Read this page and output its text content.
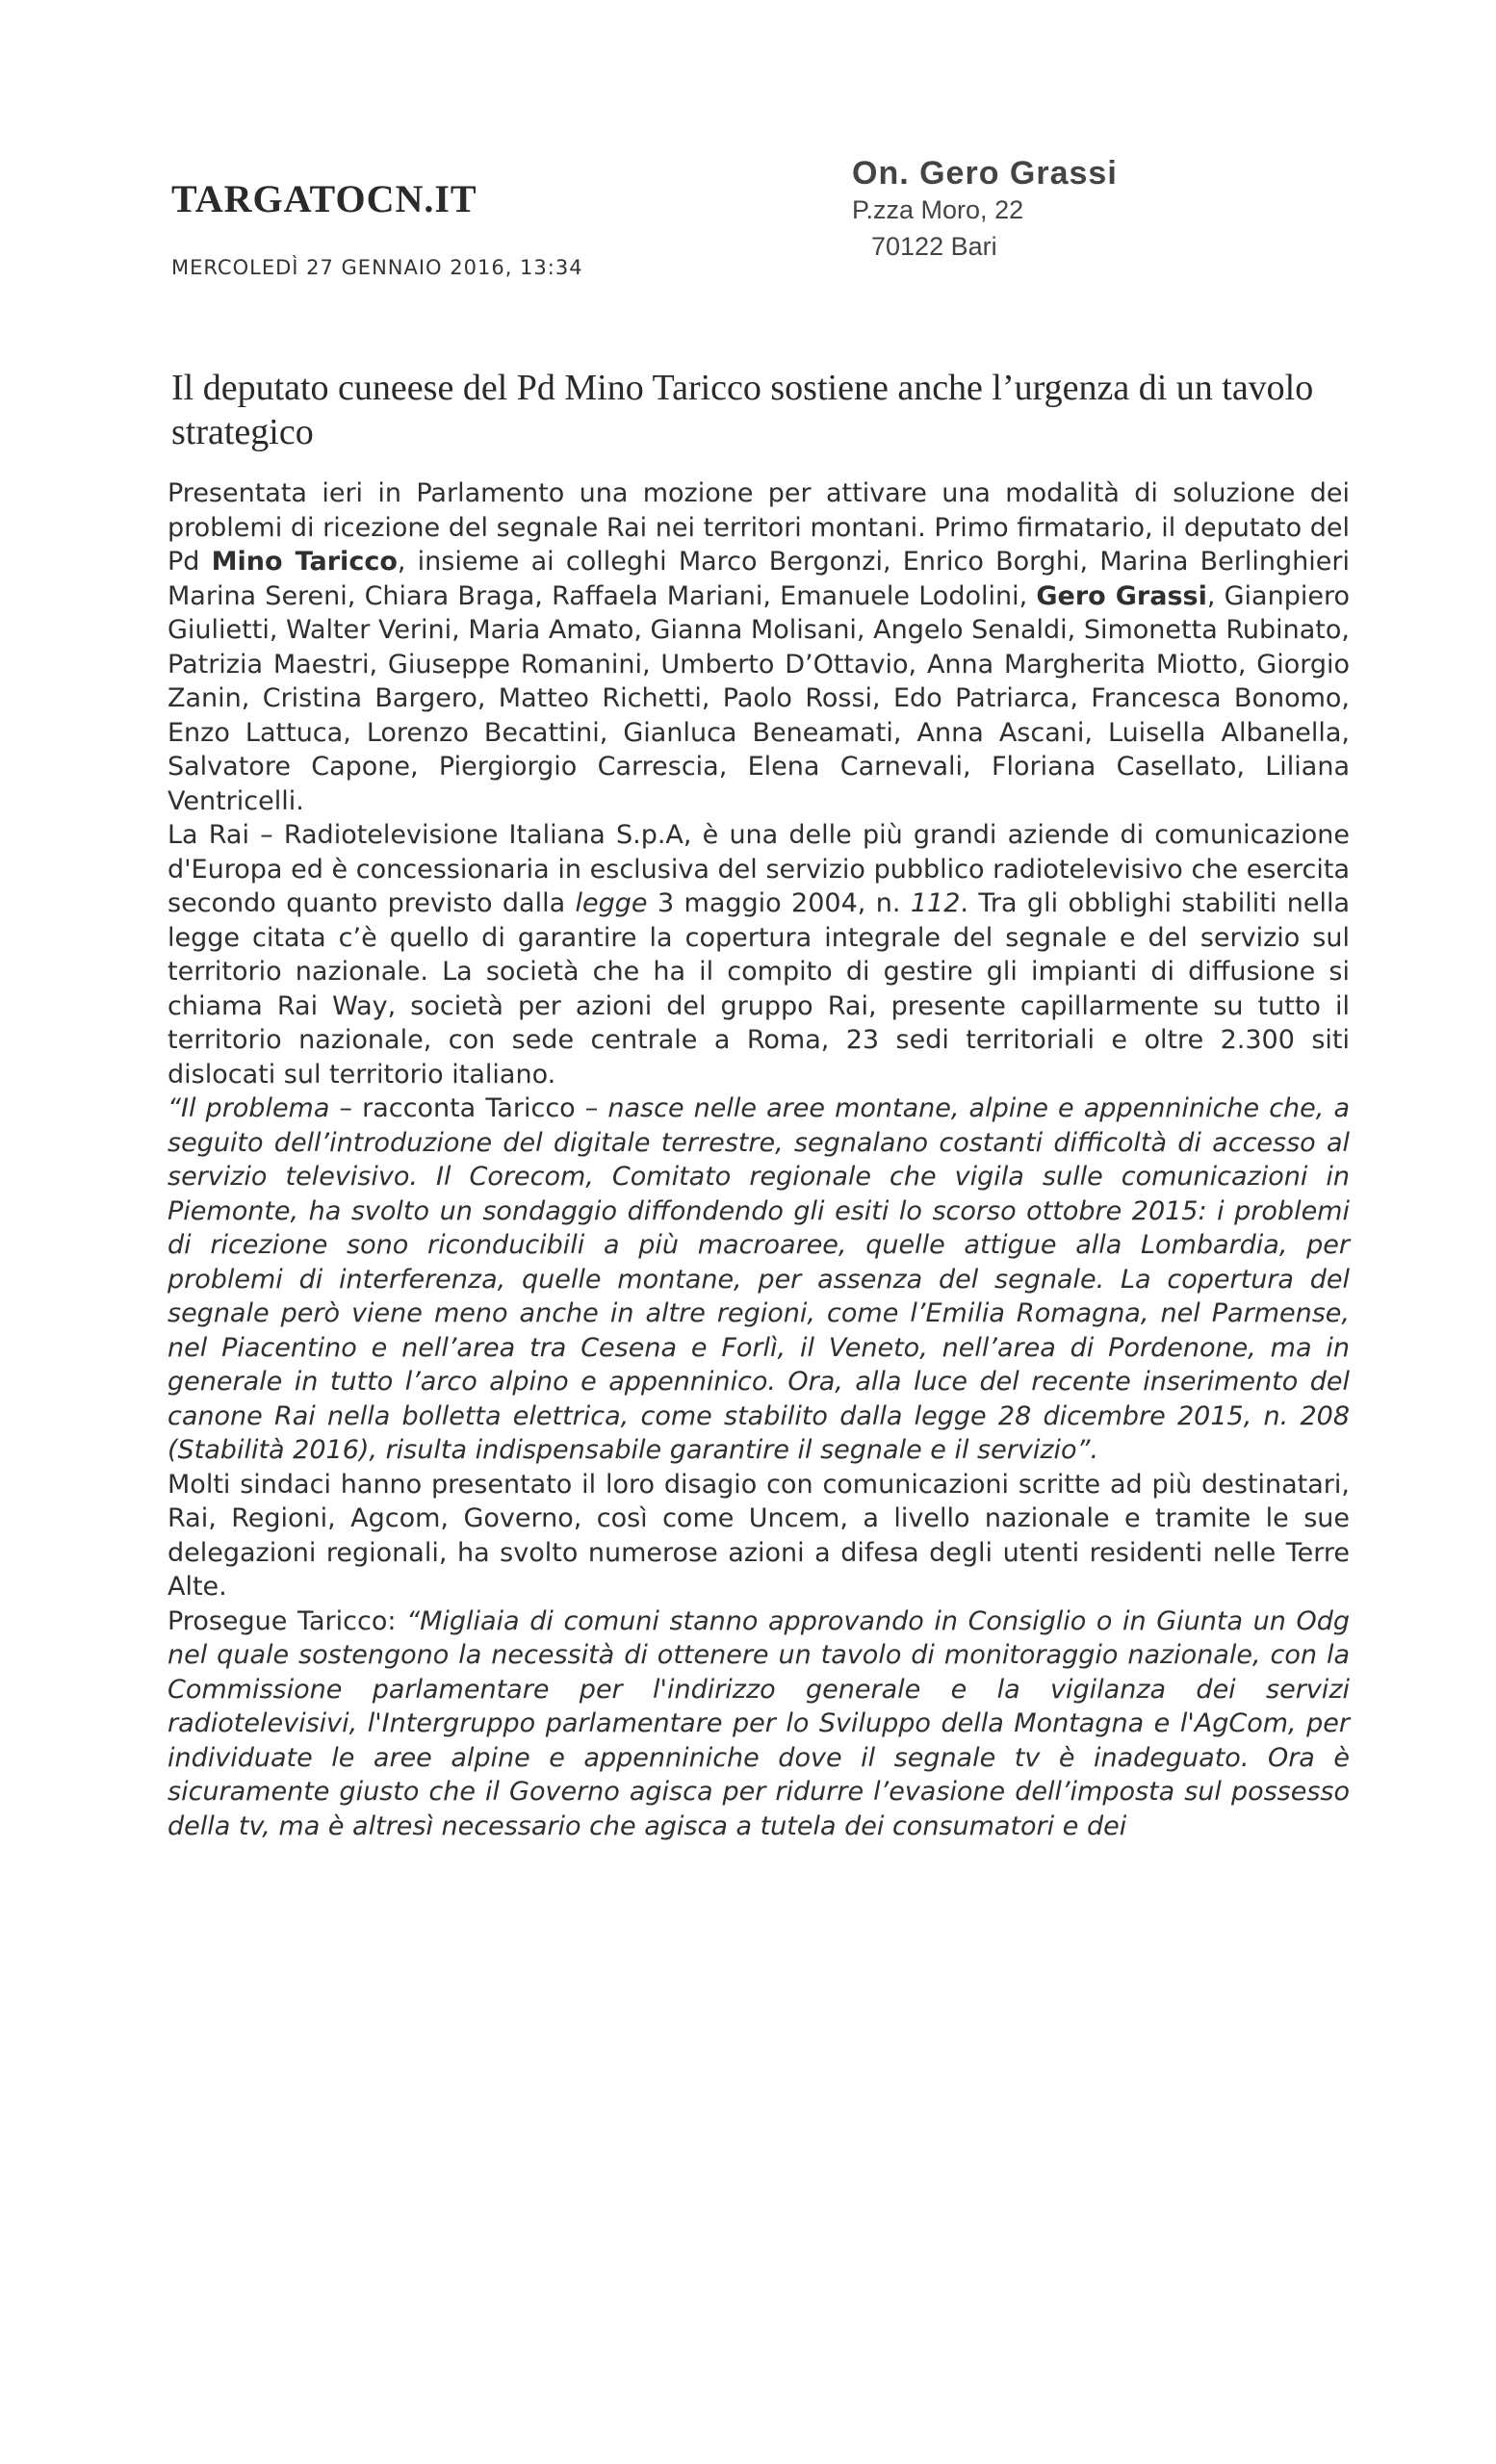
TARGATOCN.IT
MERCOLEDÌ 27 GENNAIO 2016, 13:34
On. Gero Grassi
P.zza Moro, 22
70122 Bari
Il deputato cuneese del Pd Mino Taricco sostiene anche l’urgenza di un tavolo strategico

Presentata ieri in Parlamento una mozione per attivare una modalità di soluzione dei problemi di ricezione del segnale Rai nei territori montani. Primo firmatario, il deputato del Pd Mino Taricco, insieme ai colleghi Marco Bergonzi, Enrico Borghi, Marina Berlinghieri Marina Sereni, Chiara Braga, Raffaela Mariani, Emanuele Lodolini, Gero Grassi, Gianpiero Giulietti, Walter Verini, Maria Amato, Gianna Molisani, Angelo Senaldi, Simonetta Rubinato, Patrizia Maestri, Giuseppe Romanini, Umberto D’Ottavio, Anna Margherita Miotto, Giorgio Zanin, Cristina Bargero, Matteo Richetti, Paolo Rossi, Edo Patriarca, Francesca Bonomo, Enzo Lattuca, Lorenzo Becattini, Gianluca Beneamati, Anna Ascani, Luisella Albanella, Salvatore Capone, Piergiorgio Carrescia, Elena Carnevali, Floriana Casellato, Liliana Ventricelli.

La Rai – Radiotelevisione Italiana S.p.A, è una delle più grandi aziende di comunicazione d'Europa ed è concessionaria in esclusiva del servizio pubblico radiotelevisivo che esercita secondo quanto previsto dalla legge 3 maggio 2004, n. 112. Tra gli obblighi stabiliti nella legge citata c’è quello di garantire la copertura integrale del segnale e del servizio sul territorio nazionale. La società che ha il compito di gestire gli impianti di diffusione si chiama Rai Way, società per azioni del gruppo Rai, presente capillarmente su tutto il territorio nazionale, con sede centrale a Roma, 23 sedi territoriali e oltre 2.300 siti dislocati sul territorio italiano.

“Il problema – racconta Taricco – nasce nelle aree montane, alpine e appenniniche che, a seguito dell’introduzione del digitale terrestre, segnalano costanti difficoltà di accesso al servizio televisivo. Il Corecom, Comitato regionale che vigila sulle comunicazioni in Piemonte, ha svolto un sondaggio diffondendo gli esiti lo scorso ottobre 2015: i problemi di ricezione sono riconducibili a più macroaree, quelle attigue alla Lombardia, per problemi di interferenza, quelle montane, per assenza del segnale. La copertura del segnale però viene meno anche in altre regioni, come l’Emilia Romagna, nel Parmense, nel Piacentino e nell’area tra Cesena e Forlì, il Veneto, nell’area di Pordenone, ma in generale in tutto l’arco alpino e appenninico. Ora, alla luce del recente inserimento del canone Rai nella bolletta elettrica, come stabilito dalla legge 28 dicembre 2015, n. 208 (Stabilità 2016), risulta indispensabile garantire il segnale e il servizio”.

Molti sindaci hanno presentato il loro disagio con comunicazioni scritte ad più destinatari, Rai, Regioni, Agcom, Governo, così come Uncem, a livello nazionale e tramite le sue delegazioni regionali, ha svolto numerose azioni a difesa degli utenti residenti nelle Terre Alte.

Prosegue Taricco: “Migliaia di comuni stanno approvando in Consiglio o in Giunta un Odg nel quale sostengono la necessità di ottenere un tavolo di monitoraggio nazionale, con la Commissione parlamentare per l'indirizzo generale e la vigilanza dei servizi radiotelevisivi, l'Intergruppo parlamentare per lo Sviluppo della Montagna e l'AgCom, per individuate le aree alpine e appenniniche dove il segnale tv è inadeguato. Ora è sicuramente giusto che il Governo agisca per ridurre l’evasione dell’imposta sul possesso della tv, ma è altresì necessario che agisca a tutela dei consumatori e dei
